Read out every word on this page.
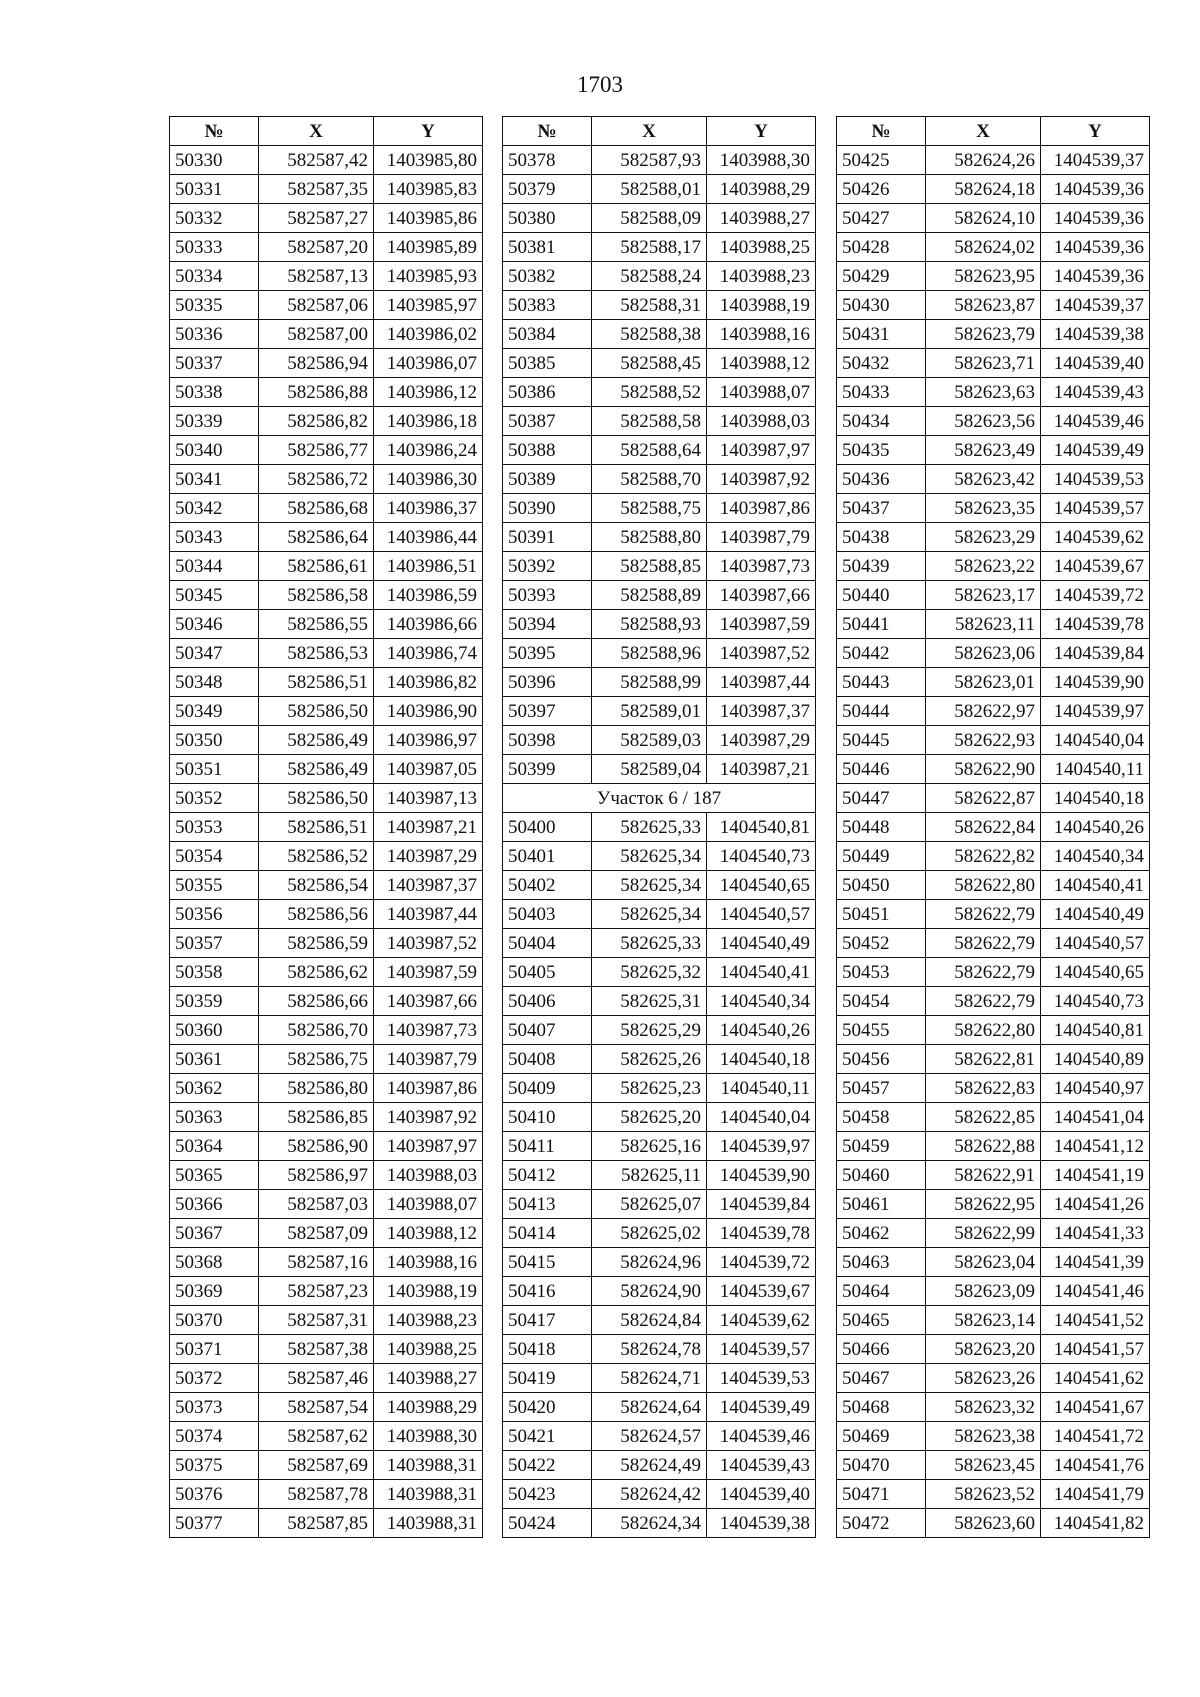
1703
№	X	Y
50330	582587,42	1403985,80
50331	582587,35	1403985,83
50332	582587,27	1403985,86
50333	582587,20	1403985,89
50334	582587,13	1403985,93
50335	582587,06	1403985,97
50336	582587,00	1403986,02
50337	582586,94	1403986,07
50338	582586,88	1403986,12
50339	582586,82	1403986,18
50340	582586,77	1403986,24
50341	582586,72	1403986,30
50342	582586,68	1403986,37
50343	582586,64	1403986,44
50344	582586,61	1403986,51
50345	582586,58	1403986,59
50346	582586,55	1403986,66
50347	582586,53	1403986,74
50348	582586,51	1403986,82
50349	582586,50	1403986,90
50350	582586,49	1403986,97
50351	582586,49	1403987,05
50352	582586,50	1403987,13
50353	582586,51	1403987,21
50354	582586,52	1403987,29
50355	582586,54	1403987,37
50356	582586,56	1403987,44
50357	582586,59	1403987,52
50358	582586,62	1403987,59
50359	582586,66	1403987,66
50360	582586,70	1403987,73
50361	582586,75	1403987,79
50362	582586,80	1403987,86
50363	582586,85	1403987,92
50364	582586,90	1403987,97
50365	582586,97	1403988,03
50366	582587,03	1403988,07
50367	582587,09	1403988,12
50368	582587,16	1403988,16
50369	582587,23	1403988,19
50370	582587,31	1403988,23
50371	582587,38	1403988,25
50372	582587,46	1403988,27
50373	582587,54	1403988,29
50374	582587,62	1403988,30
50375	582587,69	1403988,31
50376	582587,78	1403988,31
50377	582587,85	1403988,31
№	X	Y
50378	582587,93	1403988,30
50379	582588,01	1403988,29
50380	582588,09	1403988,27
50381	582588,17	1403988,25
50382	582588,24	1403988,23
50383	582588,31	1403988,19
50384	582588,38	1403988,16
50385	582588,45	1403988,12
50386	582588,52	1403988,07
50387	582588,58	1403988,03
50388	582588,64	1403987,97
50389	582588,70	1403987,92
50390	582588,75	1403987,86
50391	582588,80	1403987,79
50392	582588,85	1403987,73
50393	582588,89	1403987,66
50394	582588,93	1403987,59
50395	582588,96	1403987,52
50396	582588,99	1403987,44
50397	582589,01	1403987,37
50398	582589,03	1403987,29
50399	582589,04	1403987,21
Участок 6 / 187		
50400	582625,33	1404540,81
50401	582625,34	1404540,73
50402	582625,34	1404540,65
50403	582625,34	1404540,57
50404	582625,33	1404540,49
50405	582625,32	1404540,41
50406	582625,31	1404540,34
50407	582625,29	1404540,26
50408	582625,26	1404540,18
50409	582625,23	1404540,11
50410	582625,20	1404540,04
50411	582625,16	1404539,97
50412	582625,11	1404539,90
50413	582625,07	1404539,84
50414	582625,02	1404539,78
50415	582624,96	1404539,72
50416	582624,90	1404539,67
50417	582624,84	1404539,62
50418	582624,78	1404539,57
50419	582624,71	1404539,53
50420	582624,64	1404539,49
50421	582624,57	1404539,46
50422	582624,49	1404539,43
50423	582624,42	1404539,40
50424	582624,34	1404539,38
№	X	Y
50425	582624,26	1404539,37
50426	582624,18	1404539,36
50427	582624,10	1404539,36
50428	582624,02	1404539,36
50429	582623,95	1404539,36
50430	582623,87	1404539,37
50431	582623,79	1404539,38
50432	582623,71	1404539,40
50433	582623,63	1404539,43
50434	582623,56	1404539,46
50435	582623,49	1404539,49
50436	582623,42	1404539,53
50437	582623,35	1404539,57
50438	582623,29	1404539,62
50439	582623,22	1404539,67
50440	582623,17	1404539,72
50441	582623,11	1404539,78
50442	582623,06	1404539,84
50443	582623,01	1404539,90
50444	582622,97	1404539,97
50445	582622,93	1404540,04
50446	582622,90	1404540,11
50447	582622,87	1404540,18
50448	582622,84	1404540,26
50449	582622,82	1404540,34
50450	582622,80	1404540,41
50451	582622,79	1404540,49
50452	582622,79	1404540,57
50453	582622,79	1404540,65
50454	582622,79	1404540,73
50455	582622,80	1404540,81
50456	582622,81	1404540,89
50457	582622,83	1404540,97
50458	582622,85	1404541,04
50459	582622,88	1404541,12
50460	582622,91	1404541,19
50461	582622,95	1404541,26
50462	582622,99	1404541,33
50463	582623,04	1404541,39
50464	582623,09	1404541,46
50465	582623,14	1404541,52
50466	582623,20	1404541,57
50467	582623,26	1404541,62
50468	582623,32	1404541,67
50469	582623,38	1404541,72
50470	582623,45	1404541,76
50471	582623,52	1404541,79
50472	582623,60	1404541,82
